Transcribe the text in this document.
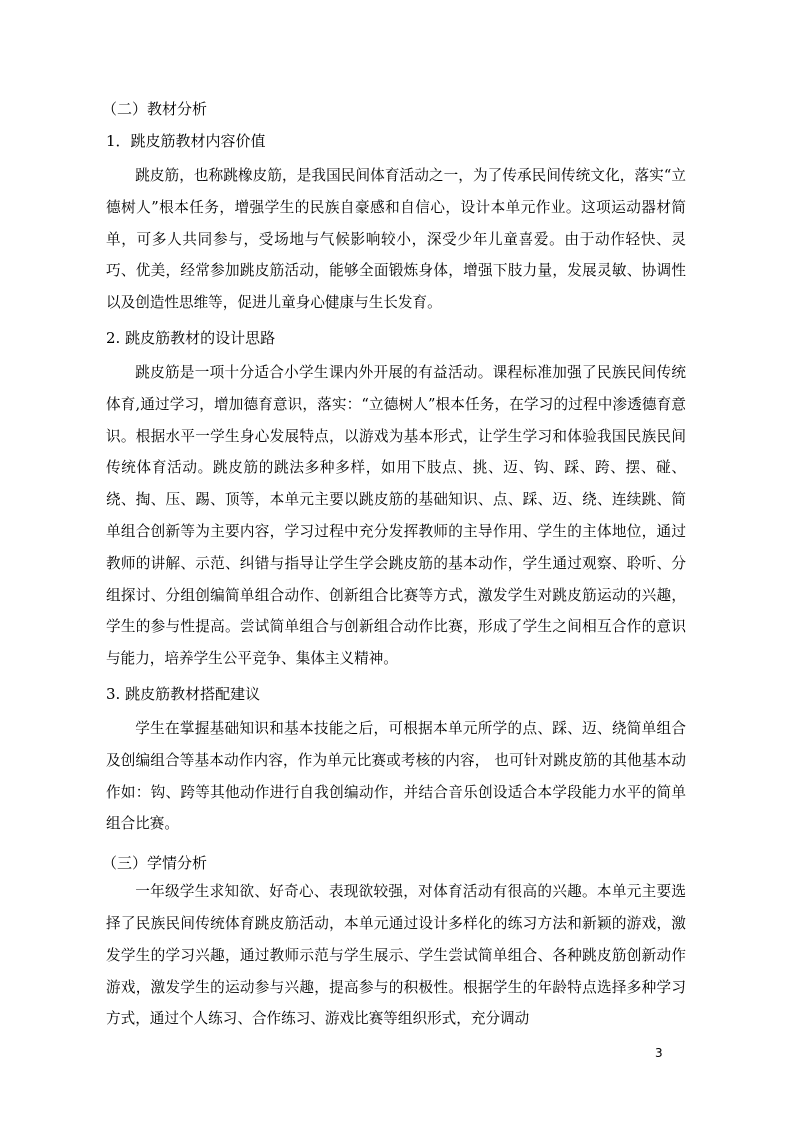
（二）教材分析

1．跳皮筋教材内容价值

跳皮筋，也称跳橡皮筋，是我国民间体育活动之一，为了传承民间传统文化，落实“立德树人”根本任务，增强学生的民族自豪感和自信心，设计本单元作业。这项运动器材简单，可多人共同参与，受场地与气候影响较小，深受少年儿童喜爱。由于动作轻快、灵巧、优美，经常参加跳皮筋活动，能够全面锻炼身体，增强下肢力量，发展灵敏、协调性以及创造性思维等，促进儿童身心健康与生长发育。

2. 跳皮筋教材的设计思路

跳皮筋是一项十分适合小学生课内外开展的有益活动。课程标准加强了民族民间传统体育,通过学习，增加德育意识，落实：“立德树人”根本任务，在学习的过程中渗透德育意识。根据水平一学生身心发展特点，以游戏为基本形式，让学生学习和体验我国民族民间传统体育活动。跳皮筋的跳法多种多样，如用下肢点、挑、迈、钩、踩、跨、摆、碰、绕、掏、压、踢、顶等，本单元主要以跳皮筋的基础知识、点、踩、迈、绕、连续跳、简单组合创新等为主要内容，学习过程中充分发挥教师的主导作用、学生的主体地位，通过教师的讲解、示范、纠错与指导让学生学会跳皮筋的基本动作，学生通过观察、聆听、分组探讨、分组创编简单组合动作、创新组合比赛等方式，激发学生对跳皮筋运动的兴趣，学生的参与性提高。尝试简单组合与创新组合动作比赛，形成了学生之间相互合作的意识与能力，培养学生公平竞争、集体主义精神。

3. 跳皮筋教材搭配建议

学生在掌握基础知识和基本技能之后，可根据本单元所学的点、踩、迈、绕简单组合及创编组合等基本动作内容，作为单元比赛或考核的内容， 也可针对跳皮筋的其他基本动作如：钩、跨等其他动作进行自我创编动作，并结合音乐创设适合本学段能力水平的简单组合比赛。

（三）学情分析

一年级学生求知欲、好奇心、表现欲较强，对体育活动有很高的兴趣。本单元主要选择了民族民间传统体育跳皮筋活动，本单元通过设计多样化的练习方法和新颖的游戏，激发学生的学习兴趣，通过教师示范与学生展示、学生尝试简单组合、各种跳皮筋创新动作游戏，激发学生的运动参与兴趣，提高参与的积极性。根据学生的年龄特点选择多种学习方式，通过个人练习、合作练习、游戏比赛等组织形式，充分调动

3
